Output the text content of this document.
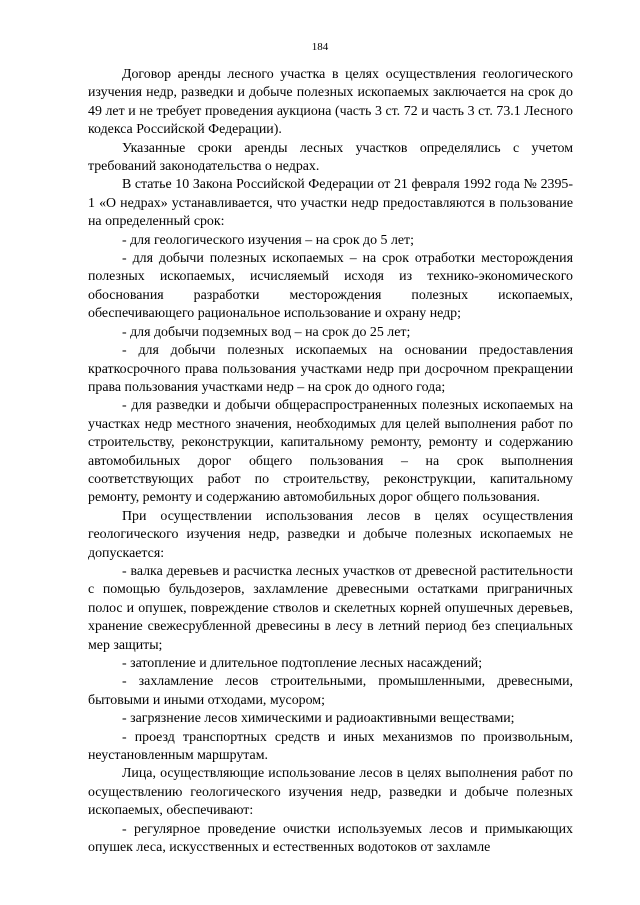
184

Договор аренды лесного участка в целях осуществления геологического изучения недр, разведки и добыче полезных ископаемых заключается на срок до 49 лет и не требует проведения аукциона (часть 3 ст. 72 и часть 3 ст. 73.1 Лесного кодекса Российской Федерации).

Указанные сроки аренды лесных участков определялись с учетом требований законодательства о недрах.

В статье 10 Закона Российской Федерации от 21 февраля 1992 года № 2395-1 «О недрах» устанавливается, что участки недр предоставляются в пользование на определенный срок:

- для геологического изучения – на срок до 5 лет;

- для добычи полезных ископаемых – на срок отработки месторождения полезных ископаемых, исчисляемый исходя из технико-экономического обоснования разработки месторождения полезных ископаемых, обеспечивающего рациональное использование и охрану недр;

- для добычи подземных вод – на срок до 25 лет;

- для добычи полезных ископаемых на основании предоставления краткосрочного права пользования участками недр при досрочном прекращении права пользования участками недр – на срок до одного года;

- для разведки и добычи общераспространенных полезных ископаемых на участках недр местного значения, необходимых для целей выполнения работ по строительству, реконструкции, капитальному ремонту, ремонту и содержанию автомобильных дорог общего пользования – на срок выполнения соответствующих работ по строительству, реконструкции, капитальному ремонту, ремонту и содержанию автомобильных дорог общего пользования.

При осуществлении использования лесов в целях осуществления геологического изучения недр, разведки и добыче полезных ископаемых не допускается:

- валка деревьев и расчистка лесных участков от древесной растительности с помощью бульдозеров, захламление древесными остатками приграничных полос и опушек, повреждение стволов и скелетных корней опушечных деревьев, хранение свежесрубленной древесины в лесу в летний период без специальных мер защиты;

- затопление и длительное подтопление лесных насаждений;

- захламление лесов строительными, промышленными, древесными, бытовыми и иными отходами, мусором;

- загрязнение лесов химическими и радиоактивными веществами;

- проезд транспортных средств и иных механизмов по произвольным, неустановленным маршрутам.

Лица, осуществляющие использование лесов в целях выполнения работ по осуществлению геологического изучения недр, разведки и добыче полезных ископаемых, обеспечивают:

- регулярное проведение очистки используемых лесов и примыкающих опушек леса, искусственных и естественных водотоков от захламле
